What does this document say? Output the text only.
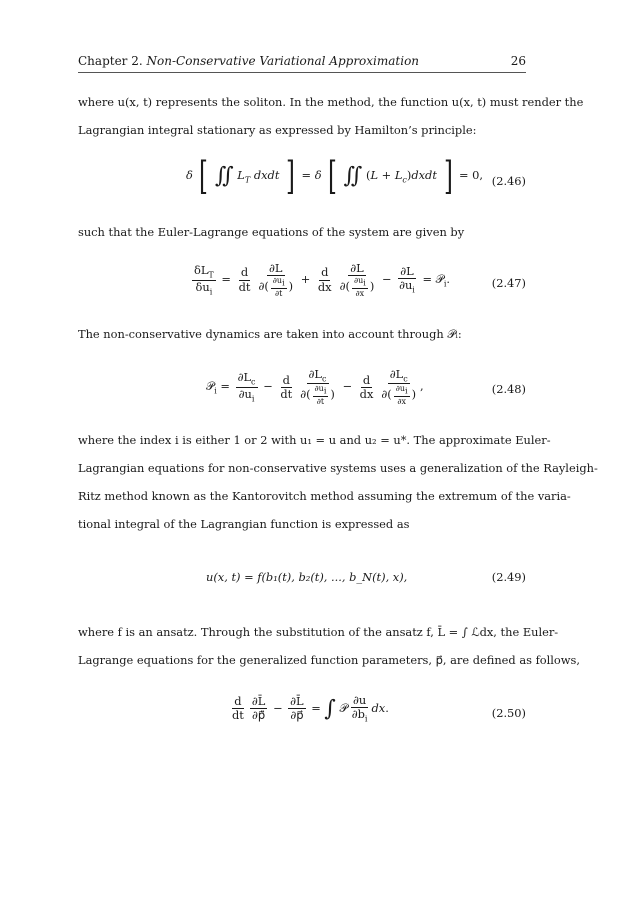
Chapter 2. Non-Conservative Variational Approximation	26
where u(x, t) represents the soliton. In the method, the function u(x, t) must render the
Lagrangian integral stationary as expressed by Hamilton’s principle:
δ [ ∬ $L_T$ dxdt ] = δ [ ∬ $(L + L_c)dxdt$ ] = 0, (2.46)
such that the Euler-Lagrange equations of the system are given by
$\frac{\delta L_T}{\delta u_i} = \frac{d}{dt} \frac{\partial L}{\partial( \frac{\partial u_i}{\partial t} )} + \frac{d}{dx} \frac{\partial L}{\partial( \frac{\partial u_i}{\partial x} )} - \frac{\partial L}{\partial u_i}$ = 𝒫$_i$.	(2.47)
The non-conservative dynamics are taken into account through 𝒫ᵢ:
𝒫$_i$ = $\frac{\partial L_c}{\partial u_i} - \frac{d}{dt} \frac{\partial L_c}{\partial( \frac{\partial u_i}{\partial t} )} - \frac{d}{dx} \frac{\partial L_c}{\partial( \frac{\partial u_i}{\partial x} )}$ ,	(2.48)
where the index i is either 1 or 2 with u₁ = u and u₂ = u*. The approximate Euler-
Lagrangian equations for non-conservative systems uses a generalization of the Rayleigh-
Ritz method known as the Kantorovitch method assuming the extremum of the varia-
tional integral of the Lagrangian function is expressed as
u(x, t) = f(b₁(t), b₂(t), ..., b_N(t), x),	(2.49)
where f is an ansatz. Through the substitution of the ansatz f, L̄ = ∫ ℒdx, the Euler-
Lagrange equations for the generalized function parameters, p⃗, are defined as follows,
$\frac{d}{dt} \frac{\partial L̄}{\partial p⃗̇} - \frac{\partial L̄}{\partial p⃗}$ = ∫ 𝒫 $\frac{\partial u}{\partial b_i}$ dx.	(2.50)
